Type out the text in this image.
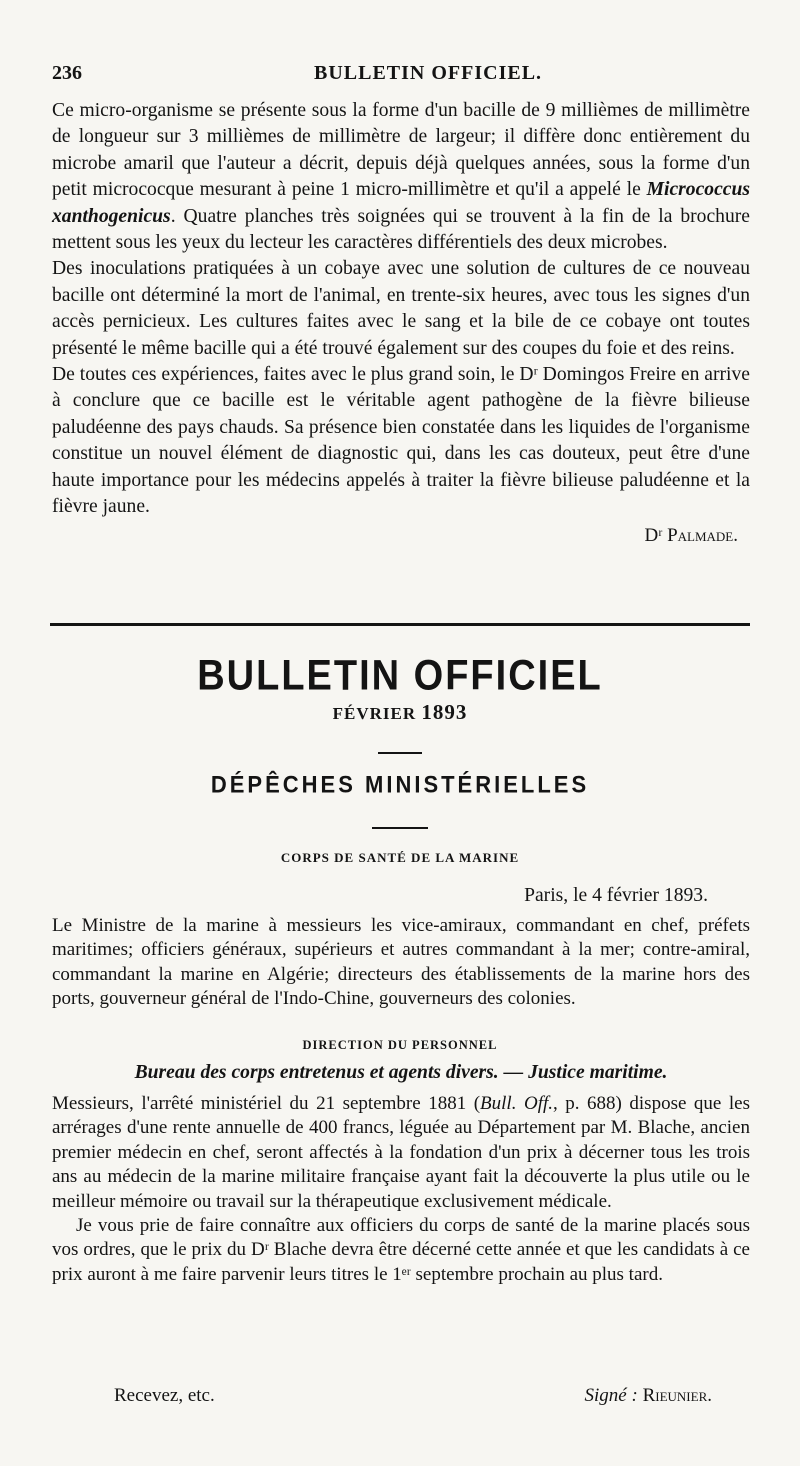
236	BULLETIN OFFICIEL.

Ce micro-organisme se présente sous la forme d'un bacille de 9 millièmes de millimètre de longueur sur 3 millièmes de millimètre de largeur; il diffère donc entièrement du microbe amaril que l'auteur a décrit, depuis déjà quelques années, sous la forme d'un petit micrococque mesurant à peine 1 micro-millimètre et qu'il a appelé le Micrococcus xanthogenicus. Quatre planches très soignées qui se trouvent à la fin de la brochure mettent sous les yeux du lecteur les caractères différentiels des deux microbes.

Des inoculations pratiquées à un cobaye avec une solution de cultures de ce nouveau bacille ont déterminé la mort de l'animal, en trente-six heures, avec tous les signes d'un accès pernicieux. Les cultures faites avec le sang et la bile de ce cobaye ont toutes présenté le même bacille qui a été trouvé également sur des coupes du foie et des reins.

De toutes ces expériences, faites avec le plus grand soin, le Dʳ Domingos Freire en arrive à conclure que ce bacille est le véritable agent pathogène de la fièvre bilieuse paludéenne des pays chauds. Sa présence bien constatée dans les liquides de l'organisme constitue un nouvel élément de diagnostic qui, dans les cas douteux, peut être d'une haute importance pour les médecins appelés à traiter la fièvre bilieuse paludéenne et la fièvre jaune.

Dʳ Palmade.
BULLETIN OFFICIEL
FÉVRIER 1893
DÉPÊCHES MINISTÉRIELLES
CORPS DE SANTÉ DE LA MARINE
Paris, le 4 février 1893.

Le Ministre de la marine à messieurs les vice-amiraux, commandant en chef, préfets maritimes; officiers généraux, supérieurs et autres commandant à la mer; contre-amiral, commandant la marine en Algérie; directeurs des établissements de la marine hors des ports, gouverneur général de l'Indo-Chine, gouverneurs des colonies.

DIRECTION DU PERSONNEL
Bureau des corps entretenus et agents divers. — Justice maritime.

Messieurs, l'arrêté ministériel du 21 septembre 1881 (Bull. Off., p. 688) dispose que les arrérages d'une rente annuelle de 400 francs, léguée au Département par M. Blache, ancien premier médecin en chef, seront affectés à la fondation d'un prix à décerner tous les trois ans au médecin de la marine militaire française ayant fait la découverte la plus utile ou le meilleur mémoire ou travail sur la thérapeutique exclusivement médicale.

Je vous prie de faire connaître aux officiers du corps de santé de la marine placés sous vos ordres, que le prix du Dʳ Blache devra être décerné cette année et que les candidats à ce prix auront à me faire parvenir leurs titres le 1ᵉʳ septembre prochain au plus tard.

Recevez, etc.	Signé : Rieunier.
